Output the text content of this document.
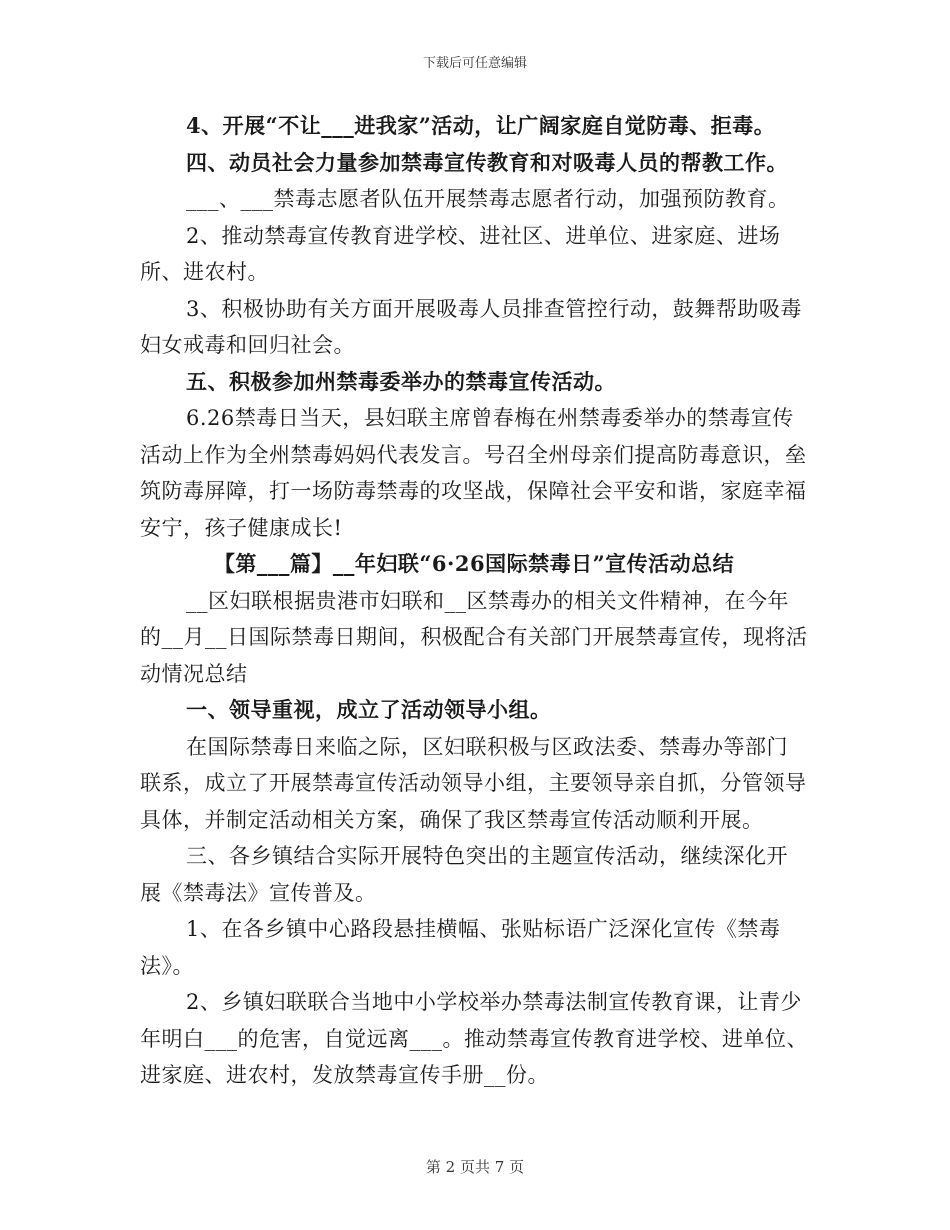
下载后可任意编辑

4、开展“不让___进我家”活动，让广阔家庭自觉防毒、拒毒。

四、动员社会力量参加禁毒宣传教育和对吸毒人员的帮教工作。

___、___禁毒志愿者队伍开展禁毒志愿者行动，加强预防教育。

2、推动禁毒宣传教育进学校、进社区、进单位、进家庭、进场所、进农村。

3、积极协助有关方面开展吸毒人员排查管控行动，鼓舞帮助吸毒妇女戒毒和回归社会。

五、积极参加州禁毒委举办的禁毒宣传活动。

6.26禁毒日当天，县妇联主席曾春梅在州禁毒委举办的禁毒宣传活动上作为全州禁毒妈妈代表发言。号召全州母亲们提高防毒意识，垒筑防毒屏障，打一场防毒禁毒的攻坚战，保障社会平安和谐，家庭幸福安宁，孩子健康成长!

【第___篇】__年妇联“6·26国际禁毒日”宣传活动总结

__区妇联根据贵港市妇联和__区禁毒办的相关文件精神，在今年的__月__日国际禁毒日期间，积极配合有关部门开展禁毒宣传，现将活动情况总结

一、领导重视，成立了活动领导小组。

在国际禁毒日来临之际，区妇联积极与区政法委、禁毒办等部门联系，成立了开展禁毒宣传活动领导小组，主要领导亲自抓，分管领导具体，并制定活动相关方案，确保了我区禁毒宣传活动顺利开展。

三、各乡镇结合实际开展特色突出的主题宣传活动，继续深化开展《禁毒法》宣传普及。

1、在各乡镇中心路段悬挂横幅、张贴标语广泛深化宣传《禁毒法》。

2、乡镇妇联联合当地中小学校举办禁毒法制宣传教育课，让青少年明白___的危害，自觉远离___。推动禁毒宣传教育进学校、进单位、进家庭、进农村，发放禁毒宣传手册__份。

第 2 页共 7 页
